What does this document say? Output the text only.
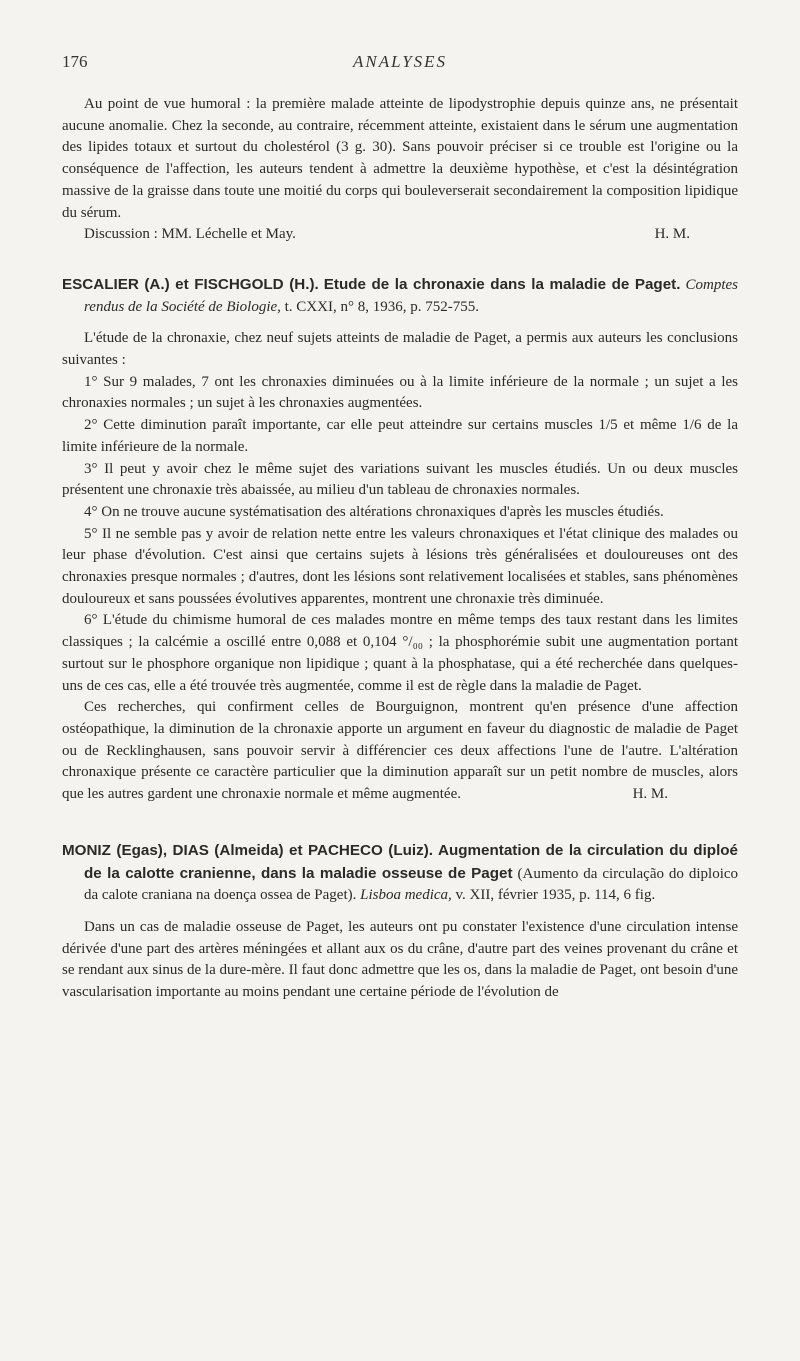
176	ANALYSES

Au point de vue humoral : la première malade atteinte de lipodystrophie depuis quinze ans, ne présentait aucune anomalie. Chez la seconde, au contraire, récemment atteinte, existaient dans le sérum une augmentation des lipides totaux et surtout du cholestérol (3 g. 30). Sans pouvoir préciser si ce trouble est l'origine ou la conséquence de l'affection, les auteurs tendent à admettre la deuxième hypothèse, et c'est la désintégration massive de la graisse dans toute une moitié du corps qui bouleverserait secondairement la composition lipidique du sérum.

Discussion : MM. Léchelle et May.	H. M.

ESCALIER (A.) et FISCHGOLD (H.). Etude de la chronaxie dans la maladie de Paget. Comptes rendus de la Société de Biologie, t. CXXI, n° 8, 1936, p. 752-755.

L'étude de la chronaxie, chez neuf sujets atteints de maladie de Paget, a permis aux auteurs les conclusions suivantes :

1° Sur 9 malades, 7 ont les chronaxies diminuées ou à la limite inférieure de la normale ; un sujet a les chronaxies normales ; un sujet à les chronaxies augmentées.

2° Cette diminution paraît importante, car elle peut atteindre sur certains muscles 1/5 et même 1/6 de la limite inférieure de la normale.

3° Il peut y avoir chez le même sujet des variations suivant les muscles étudiés. Un ou deux muscles présentent une chronaxie très abaissée, au milieu d'un tableau de chronaxies normales.

4° On ne trouve aucune systématisation des altérations chronaxiques d'après les muscles étudiés.

5° Il ne semble pas y avoir de relation nette entre les valeurs chronaxiques et l'état clinique des malades ou leur phase d'évolution. C'est ainsi que certains sujets à lésions très généralisées et douloureuses ont des chronaxies presque normales ; d'autres, dont les lésions sont relativement localisées et stables, sans phénomènes douloureux et sans poussées évolutives apparentes, montrent une chronaxie très diminuée.

6° L'étude du chimisme humoral de ces malades montre en même temps des taux restant dans les limites classiques ; la calcémie a oscillé entre 0,088 et 0,104 °/₀₀ ; la phosphorémie subit une augmentation portant surtout sur le phosphore organique non lipidique ; quant à la phosphatase, qui a été recherchée dans quelques-uns de ces cas, elle a été trouvée très augmentée, comme il est de règle dans la maladie de Paget.

Ces recherches, qui confirment celles de Bourguignon, montrent qu'en présence d'une affection ostéopathique, la diminution de la chronaxie apporte un argument en faveur du diagnostic de maladie de Paget ou de Recklinghausen, sans pouvoir servir à différencier ces deux affections l'une de l'autre. L'altération chronaxique présente ce caractère particulier que la diminution apparaît sur un petit nombre de muscles, alors que les autres gardent une chronaxie normale et même augmentée.	H. M.

MONIZ (Egas), DIAS (Almeida) et PACHECO (Luiz). Augmentation de la circulation du diploé de la calotte cranienne, dans la maladie osseuse de Paget (Aumento da circulação do diploico da calote craniana na doença ossea de Paget). Lisboa medica, v. XII, février 1935, p. 114, 6 fig.

Dans un cas de maladie osseuse de Paget, les auteurs ont pu constater l'existence d'une circulation intense dérivée d'une part des artères méningées et allant aux os du crâne, d'autre part des veines provenant du crâne et se rendant aux sinus de la dure-mère. Il faut donc admettre que les os, dans la maladie de Paget, ont besoin d'une vascularisation importante au moins pendant une certaine période de l'évolution de
